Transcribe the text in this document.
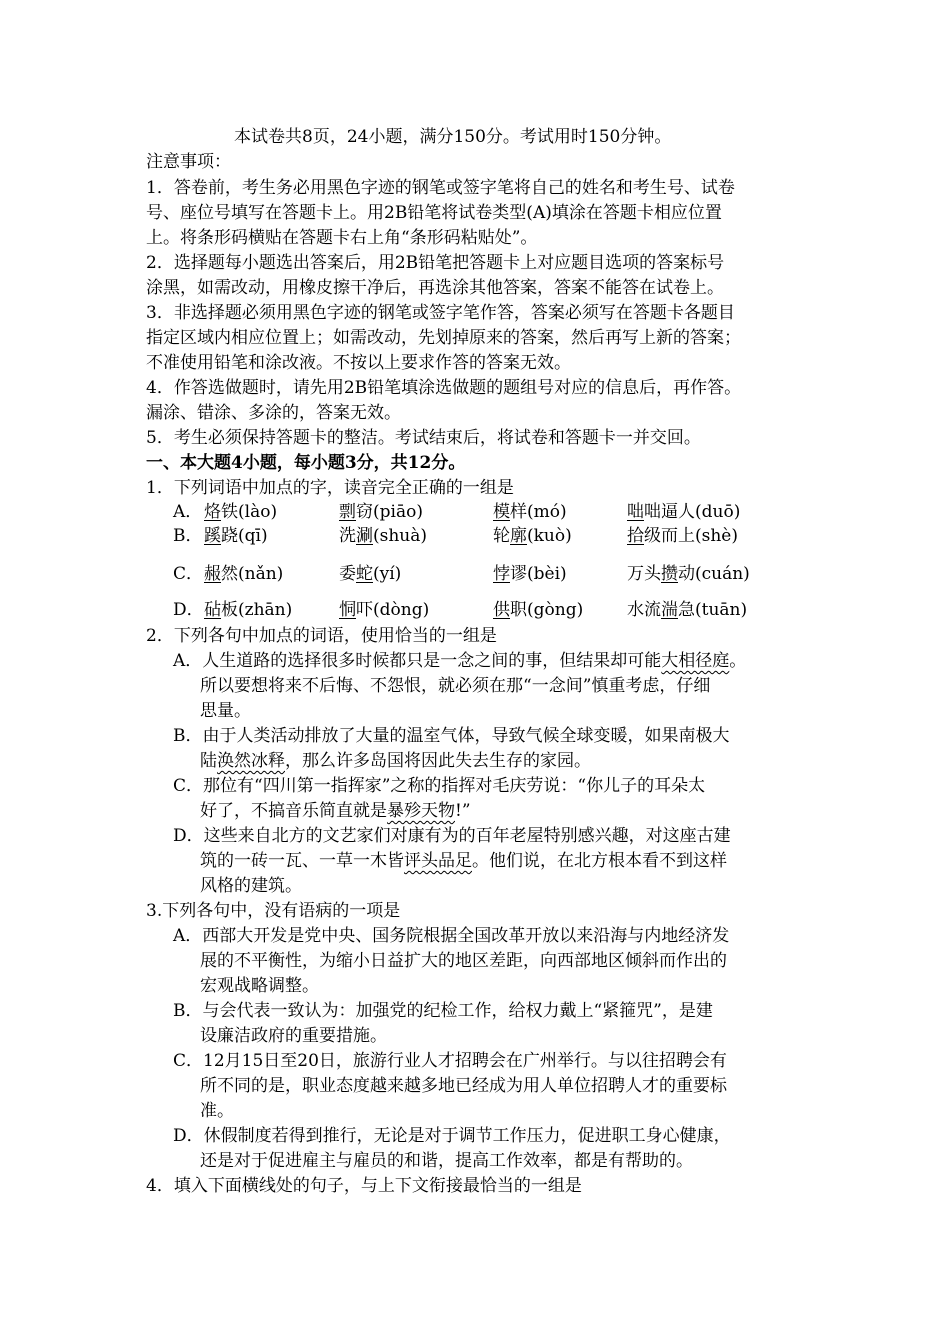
本试卷共8页，24小题，满分150分。考试用时150分钟。
注意事项：
1．答卷前，考生务必用黑色字迹的钢笔或签字笔将自己的姓名和考生号、试卷
号、座位号填写在答题卡上。用2B铅笔将试卷类型(A)填涂在答题卡相应位置
上。将条形码横贴在答题卡右上角“条形码粘贴处”。
2．选择题每小题选出答案后，用2B铅笔把答题卡上对应题目选项的答案标号
涂黑，如需改动，用橡皮擦干净后，再选涂其他答案，答案不能答在试卷上。
3．非选择题必须用黑色字迹的钢笔或签字笔作答，答案必须写在答题卡各题目
指定区域内相应位置上；如需改动，先划掉原来的答案，然后再写上新的答案；
不准使用铅笔和涂改液。不按以上要求作答的答案无效。
4．作答选做题时，请先用2B铅笔填涂选做题的题组号对应的信息后，再作答。
漏涂、错涂、多涂的，答案无效。
5．考生必须保持答题卡的整洁。考试结束后，将试卷和答题卡一并交回。
一、本大题4小题，每小题3分，共12分。
1．下列词语中加点的字，读音完全正确的一组是
A． 烙铁(lào)	剽窃(piāo)	模样(mó)	咄咄逼人(duō)
B． 蹊跷(qī)	洗涮(shuà)	轮廓(kuò)	拾级而上(shè)
C． 赧然(nǎn)	委蛇(yí)	悖谬(bèi)	万头攒动(cuán)
D． 砧板(zhān)	恫吓(dòng)	供职(gòng)	水流湍急(tuān)
2．下列各句中加点的词语，使用恰当的一组是
A．人生道路的选择很多时候都只是一念之间的事，但结果却可能大相径庭。
所以要想将来不后悔、不怨恨，就必须在那“一念间”慎重考虑，仔细
思量。
B．由于人类活动排放了大量的温室气体，导致气候全球变暖，如果南极大
陆涣然冰释，那么许多岛国将因此失去生存的家园。
C．那位有“四川第一指挥家”之称的指挥对毛庆劳说：“你儿子的耳朵太
好了，不搞音乐简直就是暴殄天物!”
D．这些来自北方的文艺家们对康有为的百年老屋特别感兴趣，对这座古建
筑的一砖一瓦、一草一木皆评头品足。他们说，在北方根本看不到这样
风格的建筑。
3.下列各句中，没有语病的一项是
A．西部大开发是党中央、国务院根据全国改革开放以来沿海与内地经济发
展的不平衡性，为缩小日益扩大的地区差距，向西部地区倾斜而作出的
宏观战略调整。
B．与会代表一致认为：加强党的纪检工作，给权力戴上“紧箍咒”，是建
设廉洁政府的重要措施。
C．12月15日至20日，旅游行业人才招聘会在广州举行。与以往招聘会有
所不同的是，职业态度越来越多地已经成为用人单位招聘人才的重要标
准。
D．休假制度若得到推行，无论是对于调节工作压力，促进职工身心健康，
还是对于促进雇主与雇员的和谐，提高工作效率，都是有帮助的。
4．填入下面横线处的句子，与上下文衔接最恰当的一组是
